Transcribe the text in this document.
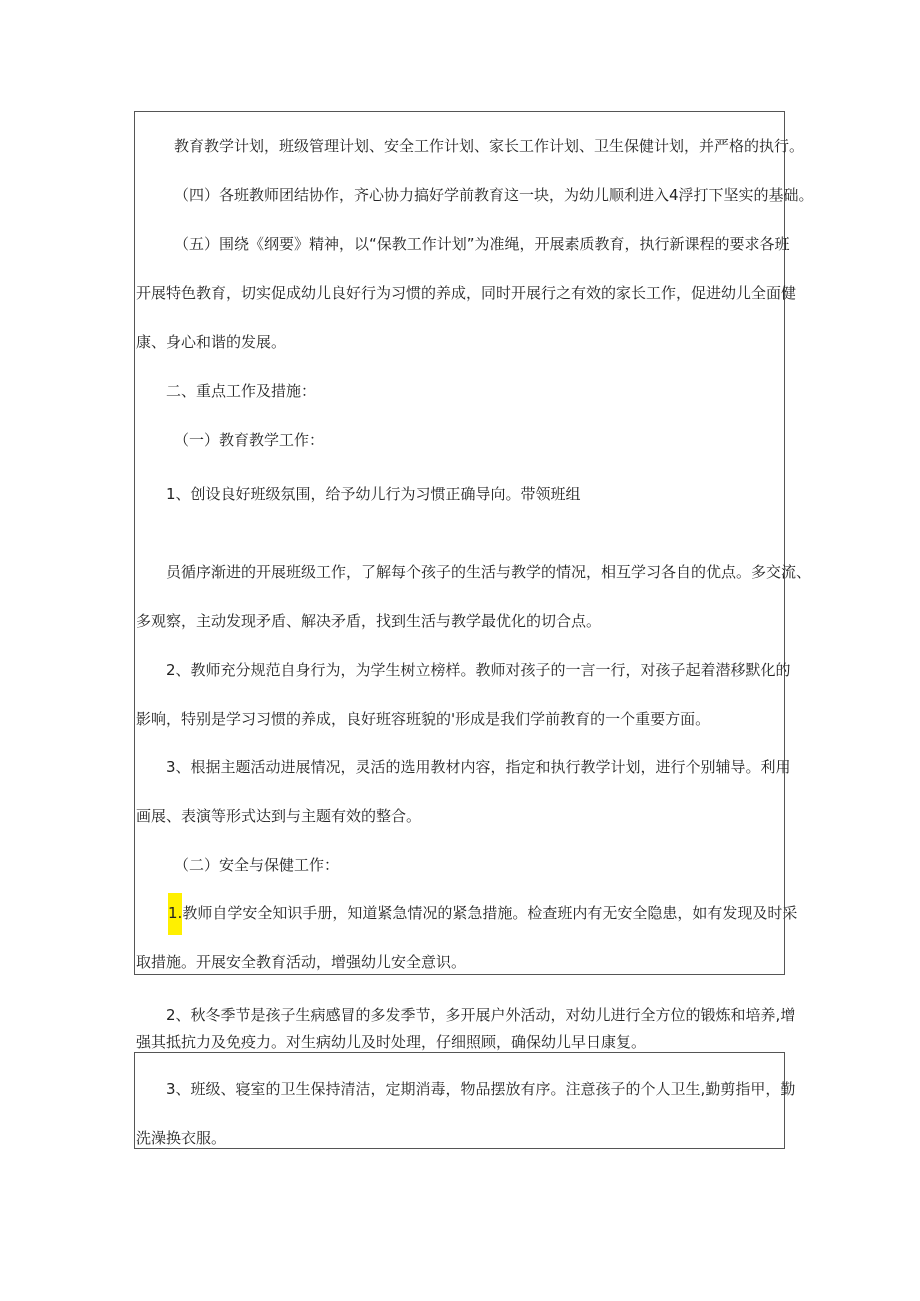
教育教学计划，班级管理计划、安全工作计划、家长工作计划、卫生保健计划，并严格的执行。
（四）各班教师团结协作，齐心协力搞好学前教育这一块，为幼儿顺利进入4浮打下坚实的基础。
（五）围绕《纲要》精神，以“保教工作计划”为准绳，开展素质教育，执行新课程的要求各班
开展特色教育，切实促成幼儿良好行为习惯的养成，同时开展行之有效的家长工作，促进幼儿全面健
康、身心和谐的发展。
二、重点工作及措施：
（一）教育教学工作：
1、创设良好班级氛围，给予幼儿行为习惯正确导向。带领班组
员循序渐进的开展班级工作，了解每个孩子的生活与教学的情况，相互学习各自的优点。多交流、
多观察，主动发现矛盾、解决矛盾，找到生活与教学最优化的切合点。
2、教师充分规范自身行为，为学生树立榜样。教师对孩子的一言一行，对孩子起着潜移默化的
影响，特别是学习习惯的养成，良好班容班貌的'形成是我们学前教育的一个重要方面。
3、根据主题活动进展情况，灵活的选用教材内容，指定和执行教学计划，进行个别辅导。利用
画展、表演等形式达到与主题有效的整合。
（二）安全与保健工作：
1.教师自学安全知识手册，知道紧急情况的紧急措施。检查班内有无安全隐患，如有发现及时采
取措施。开展安全教育活动，增强幼儿安全意识。
2、秋冬季节是孩子生病感冒的多发季节，多开展户外活动，对幼儿进行全方位的锻炼和培养,增
强其抵抗力及免疫力。对生病幼儿及时处理，仔细照顾，确保幼儿早日康复。
3、班级、寝室的卫生保持清洁，定期消毒，物品摆放有序。注意孩子的个人卫生,勤剪指甲，勤
洗澡换衣服。
